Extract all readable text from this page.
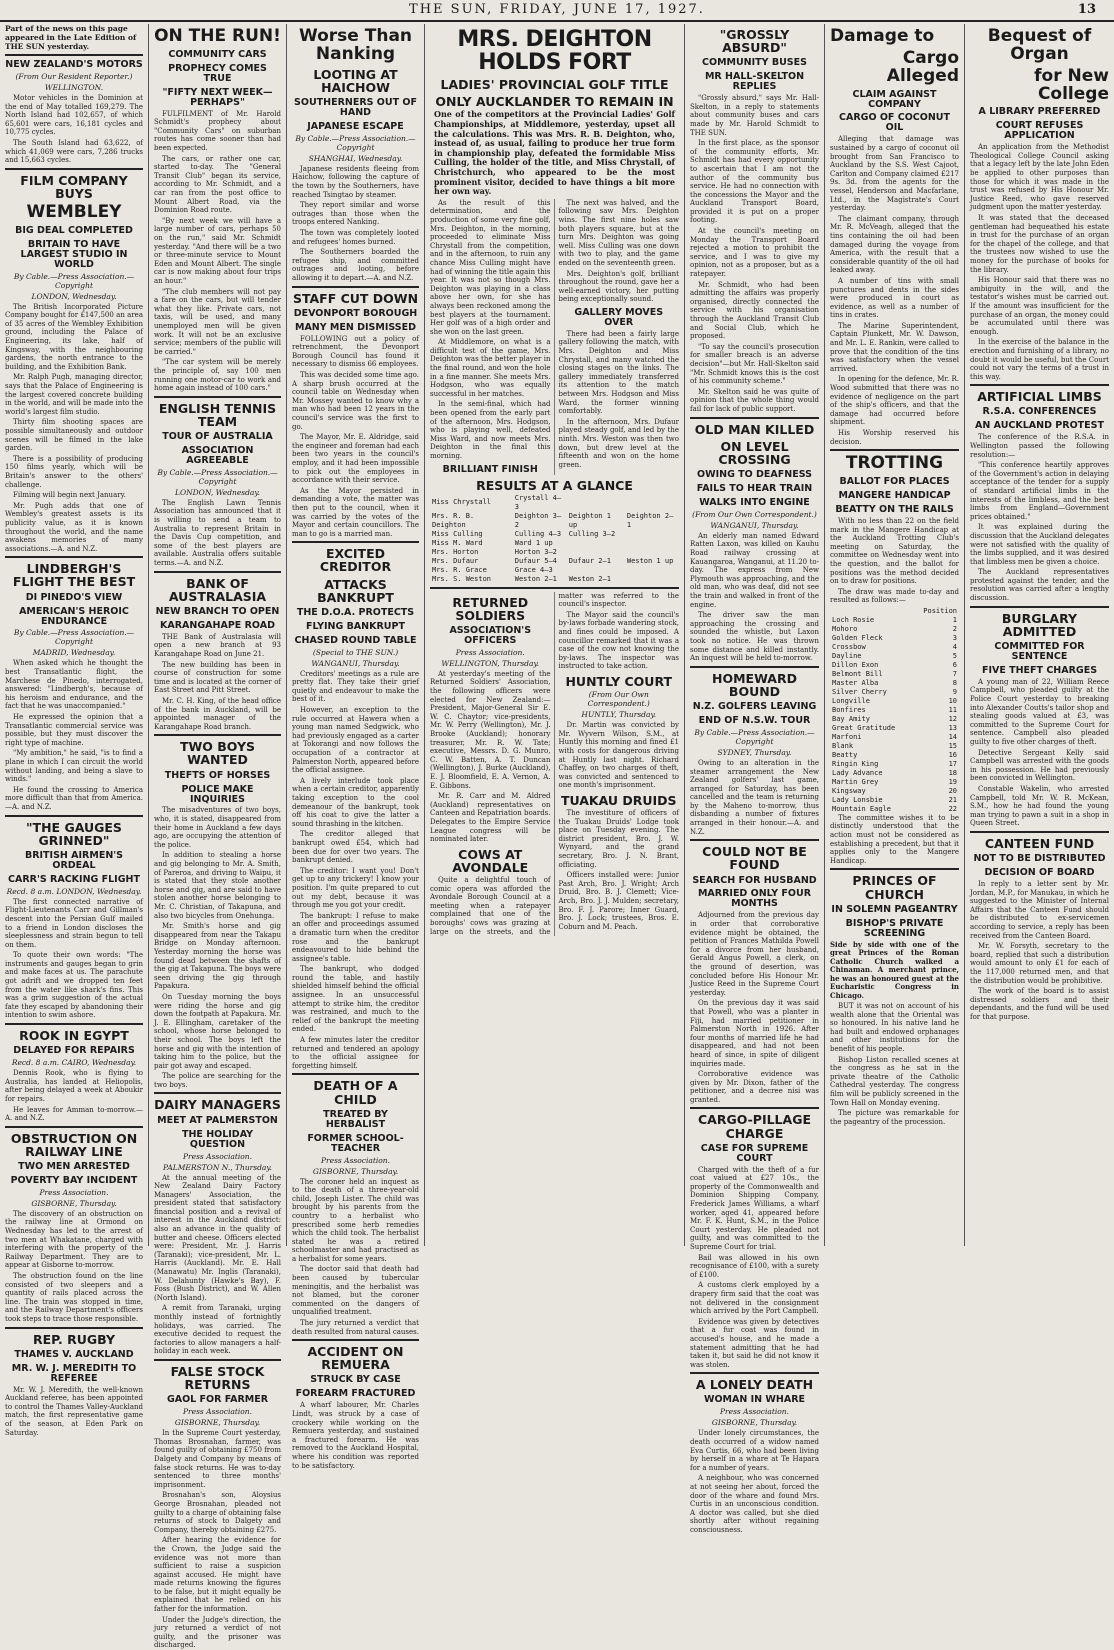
THE SUN, FRIDAY, JUNE 17, 1927.	13
Part of the news on this page appeared in the Late Edition of THE SUN yesterday.
NEW ZEALAND'S MOTORS
(From Our Resident Reporter.)
WELLINGTON.

Motor vehicles in the Dominion at the end of May totalled 169,279. The North Island had 102,657, of which 65,601 were cars, 16,181 cycles and 10,775 cycles.

The South Island had 63,622, of which 41,069 were cars, 7,286 trucks and 15,663 cycles.

FILM COMPANY BUYS
WEMBLEY
BIG DEAL COMPLETED
BRITAIN TO HAVE LARGEST STUDIO IN WORLD
By Cable.—Press Association.—Copyright
LONDON, Wednesday.

The British Incorporated Picture Company bought for £147,500 an area of 35 acres of the Wembley Exhibition ground, including the Palace of Engineering, its lake, half of Kingsway, with the neighbouring gardens, the north entrance to the building, and the Exhibition Bank.

Mr. Ralph Pugh, managing director, says that the Palace of Engineering is the largest covered concrete building in the world, and will be made into the world's largest film studio.

Thirty film shooting spaces are possible simultaneously and outdoor scenes will be filmed in the lake garden.

There is a possibility of producing 150 films yearly, which will be Britain's answer to the others' challenge.

Filming will begin next January.

Mr. Pugh adds that one of Wembley's greatest assets is its publicity value, as it is known throughout the world, and the name awakens memories of many associations.—A. and N.Z.

LINDBERGH'S FLIGHT THE BEST
DI PINEDO'S VIEW
AMERICAN'S HEROIC ENDURANCE
By Cable.—Press Association.—Copyright
MADRID, Wednesday.

When asked which he thought the best Transatlantic flight, the Marchese de Pinedo, interrogated, answered: "Lindbergh's, because of his heroism and endurance, and the fact that he was unaccompanied."

He expressed the opinion that a Transatlantic commercial service was possible, but they must discover the right type of machine.

"My ambition," he said, "is to find a plane in which I can circuit the world without landing, and being a slave to winds."

He found the crossing to America more difficult than that from America.—A. and N.Z.

"THE GAUGES GRINNED"
BRITISH AIRMEN'S ORDEAL
CARR'S RACKING FLIGHT
Recd. 8 a.m. LONDON, Wednesday.

The first connected narrative of Flight-Lieutenants Carr and Gillman's descent into the Persian Gulf mailed to a friend in London discloses the sleeplessness and strain begun to tell on them.

To quote their own words: "The instruments and gauges began to grin and make faces at us. The parachute got adrift and we dropped ten feet from the water like shark's fins. This was a grim suggestion of the actual fate they escaped by abandoning their intention to swim ashore.

ROOK IN EGYPT
DELAYED FOR REPAIRS
Recd. 8 a.m. CAIRO, Wednesday.

Dennis Rook, who is flying to Australia, has landed at Heliopolis, after being delayed a week at Aboukir for repairs.

He leaves for Amman to-morrow.—A. and N.Z.

OBSTRUCTION ON RAILWAY LINE
TWO MEN ARRESTED
POVERTY BAY INCIDENT
Press Association.
GISBORNE, Thursday.

The discovery of an obstruction on the railway line at Ormond on Wednesday has led to the arrest of two men at Whakatane, charged with interfering with the property of the Railway Department. They are to appear at Gisborne to-morrow.

The obstruction found on the line consisted of two sleepers and a quantity of rails placed across the line. The train was stopped in time, and the Railway Department's officers took steps to trace those responsible.

REP. RUGBY
THAMES V. AUCKLAND
MR. W. J. MEREDITH TO REFEREE

Mr. W. J. Meredith, the well-known Auckland referee, has been appointed to control the Thames Valley-Auckland match, the first representative game of the season, at Eden Park on Saturday.

ON THE RUN!
COMMUNITY CARS
PROPHECY COMES TRUE
"FIFTY NEXT WEEK—PERHAPS"

FULFILMENT of Mr. Harold Schmidt's prophecy about "Community Cars" on suburban routes has come sooner than had been expected.

The cars, or rather one car, started to-day. The "General Transit Club" began its service, according to Mr. Schmidt, and a car ran from the post office to Mount Albert Road, via the Dominion Road route.

"By next week we will have a large number of cars, perhaps 50 on the run," said Mr. Schmidt yesterday. "And there will be a two or three-minute service to Mount Eden and Mount Albert. The single car is now making about four trips an hour."

"The club members will not pay a fare on the cars, but will tender what they like. Private cars, not taxis, will be used, and many unemployed men will be given work. It will not be an exclusive service; members of the public will be carried."

"The car system will be merely the principle of, say 100 men running one motor-car to work and home again instead of 100 cars."

ENGLISH TENNIS TEAM
TOUR OF AUSTRALIA
ASSOCIATION AGREEABLE
By Cable.—Press Association.—Copyright
LONDON, Wednesday.

The English Lawn Tennis Association has announced that it is willing to send a team to Australia to represent Britain in the Davis Cup competition, and some of the best players are available. Australia offers suitable terms.—A. and N.Z.

BANK OF AUSTRALASIA
NEW BRANCH TO OPEN
KARANGAHAPE ROAD

THE Bank of Australasia will open a new branch at 93 Karangahape Road on June 21.

The new building has been in course of construction for some time and is located at the corner of East Street and Pitt Street.

Mr. C. H. King, of the head office of the bank in Auckland, will be appointed manager of the Karangahape Road branch.

TWO BOYS WANTED
THEFTS OF HORSES
POLICE MAKE INQUIRIES

The misadventures of two boys, who, it is stated, disappeared from their home in Auckland a few days ago, are occupying the attention of the police.

In addition to stealing a horse and gig belonging to Mr. A. Smith, of Pareroa, and driving to Waipu, it is stated that they stole another horse and gig, and are said to have stolen another horse belonging to Mr. C. Christian, of Takapuna, and also two bicycles from Onehunga.

Mr. Smith's horse and gig disappeared from near the Takapu Bridge on Monday afternoon. Yesterday morning the horse was found dead between the shafts of the gig at Takapuna. The boys were seen driving the gig through Papakura.

On Tuesday morning the boys were riding the horse and gig down the footpath at Papakura. Mr. J. E. Ellingham, caretaker of the school, whose horse belonged to their school. The boys left the horse and gig with the intention of taking him to the police, but the pair got away and escaped.

The police are searching for the two boys.

DAIRY MANAGERS
MEET AT PALMERSTON
THE HOLIDAY QUESTION
Press Association.
PALMERSTON N., Thursday.

At the annual meeting of the New Zealand Dairy Factory Managers' Association, the president stated that satisfactory financial position and a revival of interest in the Auckland district: also an advance in the quality of butter and cheese. Officers elected were: President, Mr. J. Harris (Taranaki); vice-president, Mr. L. Harris (Auckland). Mr. E. Hall (Manawatu) Mr. Inglis (Taranaki), W. Delahunty (Hawke's Bay), F. Foss (Bush District), and W. Allen (North Island).

A remit from Taranaki, urging monthly instead of fortnightly holidays, was carried. The executive decided to request the factories to allow managers a half-holiday in each week.

FALSE STOCK RETURNS
GAOL FOR FARMER
Press Association.
GISBORNE, Thursday.

In the Supreme Court yesterday, Thomas Brosnahan, farmer, was found guilty of obtaining £750 from Dalgety and Company by means of false stock returns. He was to-day sentenced to three months' imprisonment.

Brosnahan's son, Aloysius George Brosnahan, pleaded not guilty to a charge of obtaining false returns of stock to Dalgety and Company, thereby obtaining £275.

After hearing the evidence for the Crown, the Judge said the evidence was not more than sufficient to raise a suspicion against accused. He might have made returns knowing the figures to be false, but it might equally be explained that he relied on his father for the information.

Under the Judge's direction, the jury returned a verdict of not guilty, and the prisoner was discharged.

Worse Than Nanking
LOOTING AT HAICHOW
SOUTHERNERS OUT OF HAND
JAPANESE ESCAPE
By Cable.—Press Association.—Copyright
SHANGHAI, Wednesday.

Japanese residents fleeing from Haichow, following the capture of the town by the Southerners, have reached Tsingtao by steamer.

They report similar and worse outrages than those when the troops entered Nanking.

The town was completely looted and refugees' homes burned.

The Southerners boarded the refugee ship, and committed outrages and looting, before allowing it to depart.—A. and N.Z.

STAFF CUT DOWN
DEVONPORT BOROUGH
MANY MEN DISMISSED

FOLLOWING out a policy of retrenchment, the Devonport Borough Council has found it necessary to dismiss 66 employees.

This was decided some time ago. A sharp brush occurred at the council table on Wednesday when Mr. Mossey wanted to know why a man who had been 12 years in the council's service was the first to go.

The Mayor, Mr. E. Aldridge, said the engineer and foreman had each been two years in the council's employ, and it had been impossible to pick out the employees in accordance with their service.

As the Mayor persisted in demanding a vote, the matter was then put to the council, when it was carried by the votes of the Mayor and certain councillors. The man to go is a married man.

EXCITED CREDITOR
ATTACKS BANKRUPT
THE D.O.A. PROTECTS
FLYING BANKRUPT
CHASED ROUND TABLE
(Special to THE SUN.)
WANGANUI, Thursday.

Creditors' meetings as a rule are pretty flat. They take their grief quietly and endeavour to make the best of it.

However, an exception to the rule occurred at Hawera when a young man named Sedgwick, who had previously engaged as a carter at Tokorangi and now follows the occupation of a contractor at Palmerston North, appeared before the official assignee.

A lively interlude took place when a certain creditor, apparently taking exception to the cool demeanour of the bankrupt, took off his coat to give the latter a sound thrashing in the kitchen.

The creditor alleged that bankrupt owed £54, which had been due for over two years. The bankrupt denied.

The creditor: I want you! Don't get up to any trickery! I know your position. I'm quite prepared to cut out my debt, because it was through me you got your credit.

The bankrupt: I refuse to make an offer and proceedings assumed a dramatic turn when the creditor rose and the bankrupt endeavoured to hide behind the assignee's table.

The bankrupt, who dodged round the table, and hastily shielded himself behind the official assignee. In an unsuccessful attempt to strike him, the creditor was restrained, and much to the relief of the bankrupt the meeting ended.

A few minutes later the creditor returned and tendered an apology to the official assignee for forgetting himself.

DEATH OF A CHILD
TREATED BY HERBALIST
FORMER SCHOOL-TEACHER
Press Association.
GISBORNE, Thursday.

The coroner held an inquest as to the death of a three-year-old child, Joseph Lister. The child was brought by his parents from the country to a herbalist who prescribed some herb remedies which the child took. The herbalist stated he was a retired schoolmaster and had practised as a herbalist for some years.

The doctor said that death had been caused by tubercular meningitis, and the herbalist was not blamed, but the coroner commented on the dangers of unqualified treatment.

The jury returned a verdict that death resulted from natural causes.

ACCIDENT ON REMUERA
STRUCK BY CASE
FOREARM FRACTURED

A wharf labourer, Mr. Charles Lindt, was struck by a case of crockery while working on the Remuera yesterday, and sustained a fractured forearm. He was removed to the Auckland Hospital, where his condition was reported to be satisfactory.

MRS. DEIGHTON HOLDS FORT
LADIES' PROVINCIAL GOLF TITLE
ONLY AUCKLANDER TO REMAIN IN

One of the competitors at the Provincial Ladies' Golf Championships, at Middlemore, yesterday, upset all the calculations. This was Mrs. R. B. Deighton, who, instead of, as usual, failing to produce her true form in championship play, defeated the formidable Miss Culling, the holder of the title, and Miss Chrystall, of Christchurch, who appeared to be the most prominent visitor, decided to have things a bit more her own way.

As the result of this determination, and the production of some very fine golf, Mrs. Deighton, in the morning, proceeded to eliminate Miss Chrystall from the competition, and in the afternoon, to ruin any chance Miss Culling might have had of winning the title again this year. It was not so though Mrs. Deighton was playing in a class above her own, for she has always been reckoned among the best players at the tournament. Her golf was of a high order and she won on the last green.

At Middlemore, on what is a difficult test of the game, Mrs. Deighton was the better player in the final round, and won the hole in a fine manner. She meets Mrs. Hodgson, who was equally successful in her matches.

In the semi-final, which had been opened from the early part of the afternoon, Mrs. Hodgson, who is playing well, defeated Miss Ward, and now meets Mrs. Deighton in the final this morning.

BRILLIANT FINISH

The next was halved, and the following saw Mrs. Deighton wins. The first nine holes saw both players square, but at the turn Mrs. Deighton was going well. Miss Culling was one down with two to play, and the game ended on the seventeenth green.

Mrs. Deighton's golf, brilliant throughout the round, gave her a well-earned victory, her putting being exceptionally sound.

GALLERY MOVES OVER

There had been a fairly large gallery following the match, with Mrs. Deighton and Miss Chrystall, and many watched the closing stages on the links. The gallery immediately transferred its attention to the match between Mrs. Hodgson and Miss Ward, the former winning comfortably.

In the afternoon, Mrs. Dufaur played steady golf, and led by the ninth. Mrs. Weston was then two down, but drew level at the fifteenth and won on the home green.

RESULTS AT A GLANCE
Miss Chrystall	Crystall 4—3		
Mrs. R. B. Deighton	Deighton 3—2	Deighton 1 up	Deighton 2—1
Miss Culling	Culling 4—3	Culling 3—2	
Miss M. Ward	Ward 1 up		
Mrs. Horton	Horton 3—2		
Mrs. Dufaur	Dufaur 5—4	Dufaur 2—1	Weston 1 up
Mrs. R. Grace	Grace 4—3		
Mrs. S. Weston	Weston 2—1	Weston 2—1	
RETURNED SOLDIERS
ASSOCIATION'S OFFICERS
Press Association.
WELLINGTON, Thursday.

At yesterday's meeting of the Returned Soldiers' Association, the following officers were elected for New Zealand:—President, Major-General Sir E. W. C. Chaytor; vice-presidents, Mr. W. Perry (Wellington), Mr. J. Brooke (Auckland); honorary treasurer, Mr. R. W. Tate; executive, Messrs. D. G. Munro, C. W. Batten, A. T. Duncan (Wellington), J. Burke (Auckland), E. J. Bloomfield, E. A. Vernon, A. E. Gibbons.

Mr. R. Carr and M. Aldred (Auckland) representatives on Canteen and Repatriation boards. Delegates to the Empire Service League congress will be nominated later.

COWS AT AVONDALE

Quite a delightful touch of comic opera was afforded the Avondale Borough Council at a meeting when a ratepayer complained that one of the boroughs' cows was grazing at large on the streets, and the matter was referred to the council's inspector.

The Mayor said the council's by-laws forbade wandering stock, and fines could be imposed. A councillor remarked that it was a case of the cow not knowing the by-laws. The inspector was instructed to take action.

HUNTLY COURT
(From Our Own Correspondent.)
HUNTLY, Thursday.

Dr. Martin was convicted by Mr. Wyvern Wilson, S.M., at Huntly this morning and fined £1 with costs for dangerous driving at Huntly last night. Richard Chaffey, on two charges of theft, was convicted and sentenced to one month's imprisonment.

TUAKAU DRUIDS

The investiture of officers of the Tuakau Druids' Lodge took place on Tuesday evening. The district president, Bro. J. W. Wynyard, and the grand secretary, Bro. J. N. Brant, officiating.

Officers installed were: Junior Past Arch, Bro. J. Wright; Arch Druid, Bro. B. J. Clemett; Vice-Arch, Bro. J. J. Mulden; secretary, Bro. F. J. Parore; Inner Guard, Bro. J. Lock; trustees, Bros. E. Coburn and M. Peach.

"GROSSLY ABSURD"
COMMUNITY BUSES
MR HALL-SKELTON REPLIES

"Grossly absurd," says Mr. Hall-Skelton, in a reply to statements about community buses and cars made by Mr. Harold Schmidt to THE SUN.

In the first place, as the sponsor of the community efforts, Mr. Schmidt has had every opportunity to ascertain that I am not the author of the community bus service. He had no connection with the concessions the Mayor and the Auckland Transport Board, provided it is put on a proper footing.

At the council's meeting on Monday the Transport Board rejected a motion to prohibit the service, and I was to give my opinion, not as a proposer, but as a ratepayer.

Mr. Schmidt, who had been admitting the affairs was properly organised, directly connected the service with his organisation through the Auckland Transit Club and Social Club, which he proposed.

"To say the council's prosecution for smaller breach is an adverse decision"—but Mr. Hall-Skelton said "Mr. Schmidt knows this is the cost of his community scheme."

Mr. Skelton said he was quite of opinion that the whole thing would fail for lack of public support.

OLD MAN KILLED
ON LEVEL CROSSING
OWING TO DEAFNESS
FAILS TO HEAR TRAIN
WALKS INTO ENGINE
(From Our Own Correspondent.)
WANGANUI, Thursday.

An elderly man named Edward Ratten Laxon, was killed on Kauhu Road railway crossing at Kauangaroa, Wanganui, at 11.20 to-day. The express from New Plymouth was approaching, and the old man, who was deaf, did not see the train and walked in front of the engine.

The driver saw the man approaching the crossing and sounded the whistle, but Laxon took no notice. He was thrown some distance and killed instantly. An inquest will be held to-morrow.

HOMEWARD BOUND
N.Z. GOLFERS LEAVING
END OF N.S.W. TOUR
By Cable.—Press Association.—Copyright
SYDNEY, Thursday.

Owing to an alteration in the steamer arrangement the New Zealand golfers' last game, arranged for Saturday, has been cancelled and the team is returning by the Maheno to-morrow, thus disbanding a number of fixtures arranged in their honour.—A. and N.Z.

COULD NOT BE FOUND
SEARCH FOR HUSBAND
MARRIED ONLY FOUR MONTHS

Adjourned from the previous day in order that corroborative evidence might be obtained, the petition of Frances Mathilda Powell for a divorce from her husband, Gerald Angus Powell, a clerk, on the ground of desertion, was concluded before His Honour Mr. Justice Reed in the Supreme Court yesterday.

On the previous day it was said that Powell, who was a planter in Fiji, had married petitioner in Palmerston North in 1926. After four months of married life he had disappeared, and had not been heard of since, in spite of diligent inquiries made.

Corroborative evidence was given by Mr. Dixon, father of the petitioner, and a decree nisi was granted.

CARGO-PILLAGE CHARGE
CASE FOR SUPREME COURT

Charged with the theft of a fur coat valued at £27 10s., the property of the Commonwealth and Dominion Shipping Company, Frederick James Williams, a wharf worker, aged 41, appeared before Mr. F. K. Hunt, S.M., in the Police Court yesterday. He pleaded not guilty, and was committed to the Supreme Court for trial.

Bail was allowed in his own recognisance of £100, with a surety of £100.

A customs clerk employed by a drapery firm said that the coat was not delivered in the consignment which arrived by the Port Campbell.

Evidence was given by detectives that a fur coat was found in accused's house, and he made a statement admitting that he had taken it, but said he did not know it was stolen.

A LONELY DEATH
WOMAN IN WHARE
Press Association.
GISBORNE, Thursday.

Under lonely circumstances, the death occurred of a widow named Eva Curtis, 66, who had been living by herself in a whare at Te Hapara for a number of years.

A neighbour, who was concerned at not seeing her about, forced the door of the whare and found Mrs. Curtis in an unconscious condition. A doctor was called, but she died shortly after without regaining consciousness.

Damage to
Cargo Alleged
CLAIM AGAINST COMPANY
CARGO OF COCONUT OIL

Alleging that damage was sustained by a cargo of coconut oil brought from San Francisco to Auckland by the S.S. West Cajoot, Carlton and Company claimed £217 9s. 3d. from the agents for the vessel, Henderson and Macfarlane, Ltd., in the Magistrate's Court yesterday.

The claimant company, through Mr. R. McVeagh, alleged that the tins containing the oil had been damaged during the voyage from America, with the result that a considerable quantity of the oil had leaked away.

A number of tins with small punctures and dents in the sides were produced in court as evidence, as well as a number of tins in crates.

The Marine Superintendent, Captain Plunkett, Mr. W. Dawson, and Mr. L. E. Rankin, were called to prove that the condition of the tins was satisfactory when the vessel arrived.

In opening for the defence, Mr. R. Wood submitted that there was no evidence of negligence on the part of the ship's officers, and that the damage had occurred before shipment.

His Worship reserved his decision.

TROTTING
BALLOT FOR PLACES
MANGERE HANDICAP
BEATTY ON THE RAILS

With no less than 22 on the field mark in the Mangere Handicap at the Auckland Trotting Club's meeting on Saturday, the committee on Wednesday went into the question, and the ballot for positions was the method decided on to draw for positions.

The draw was made to-day and resulted as follows:—

	Position
Loch Rosie	1
Mohoro	2
Golden Fleck	3
Crossbow	4
Dayline	5
Dillon Exon	6
Belmont Bill	7
Master Alba	8
Silver Cherry	9
Longville	10
Bonfires	11
Bay Amity	12
Great Gratitude	13
Marfoni	14
Blank	15
Beatty	16
Ringin King	17
Lady Advance	18
Martin Grey	19
Kingsway	20
Lady Lonsbie	21
Mountain Eagle	22

The committee wishes it to be distinctly understood that the action must not be considered as establishing a precedent, but that it applies only to the Mangere Handicap.

PRINCES OF CHURCH
IN SOLEMN PAGEANTRY
BISHOP'S PRIVATE SCREENING

Side by side with one of the great Princes of the Roman Catholic Church walked a Chinaman. A merchant prince, he was an honoured guest at the Eucharistic Congress in Chicago.

BUT it was not on account of his wealth alone that the Oriental was so honoured. In his native land he had built and endowed orphanages and other institutions for the benefit of his people.

Bishop Liston recalled scenes at the congress as he sat in the private theatre of the Catholic Cathedral yesterday. The congress film will be publicly screened in the Town Hall on Monday evening.

The picture was remarkable for the pageantry of the procession.

Bequest of Organ
for New College
A LIBRARY PREFERRED
COURT REFUSES APPLICATION

An application from the Methodist Theological College Council asking that a legacy left by the late John Eden be applied to other purposes than those for which it was made in the trust was refused by His Honour Mr. Justice Reed, who gave reserved judgment upon the matter yesterday.

It was stated that the deceased gentleman had bequeathed his estate in trust for the purchase of an organ for the chapel of the college, and that the trustees now wished to use the money for the purchase of books for the library.

His Honour said that there was no ambiguity in the will, and the testator's wishes must be carried out. If the amount was insufficient for the purchase of an organ, the money could be accumulated until there was enough.

In the exercise of the balance in the erection and furnishing of a library, no doubt it would be useful, but the Court could not vary the terms of a trust in this way.

ARTIFICIAL LIMBS
R.S.A. CONFERENCES
AN AUCKLAND PROTEST

The conference of the R.S.A. in Wellington passed the following resolution:—

"This conference heartily approves of the Government's action in delaying acceptance of the tender for a supply of standard artificial limbs in the interests of the limbless, and the best limbs from England—Government prices obtained."

It was explained during the discussion that the Auckland delegates were not satisfied with the quality of the limbs supplied, and it was desired that limbless men be given a choice.

The Auckland representatives protested against the tender, and the resolution was carried after a lengthy discussion.

BURGLARY ADMITTED
COMMITTED FOR SENTENCE
FIVE THEFT CHARGES

A young man of 22, William Reece Campbell, who pleaded guilty at the Police Court yesterday to breaking into Alexander Coutts's tailor shop and stealing goods valued at £3, was committed to the Supreme Court for sentence. Campbell also pleaded guilty to five other charges of theft.

Detective Sergeant Kelly said Campbell was arrested with the goods in his possession. He had previously been convicted in Wellington.

Constable Wakelin, who arrested Campbell, told Mr. W. R. McKean, S.M., how he had found the young man trying to pawn a suit in a shop in Queen Street.

CANTEEN FUND
NOT TO BE DISTRIBUTED
DECISION OF BOARD

In reply to a letter sent by Mr. Jordan, M.P., for Manukau, in which he suggested to the Minister of Internal Affairs that the Canteen Fund should be distributed to ex-servicemen according to service, a reply has been received from the Canteen Board.

Mr. W. Forsyth, secretary to the board, replied that such a distribution would amount to only £1 for each of the 117,000 returned men, and that the distribution would be prohibitive.

The work of the board is to assist distressed soldiers and their dependants, and the fund will be used for that purpose.
